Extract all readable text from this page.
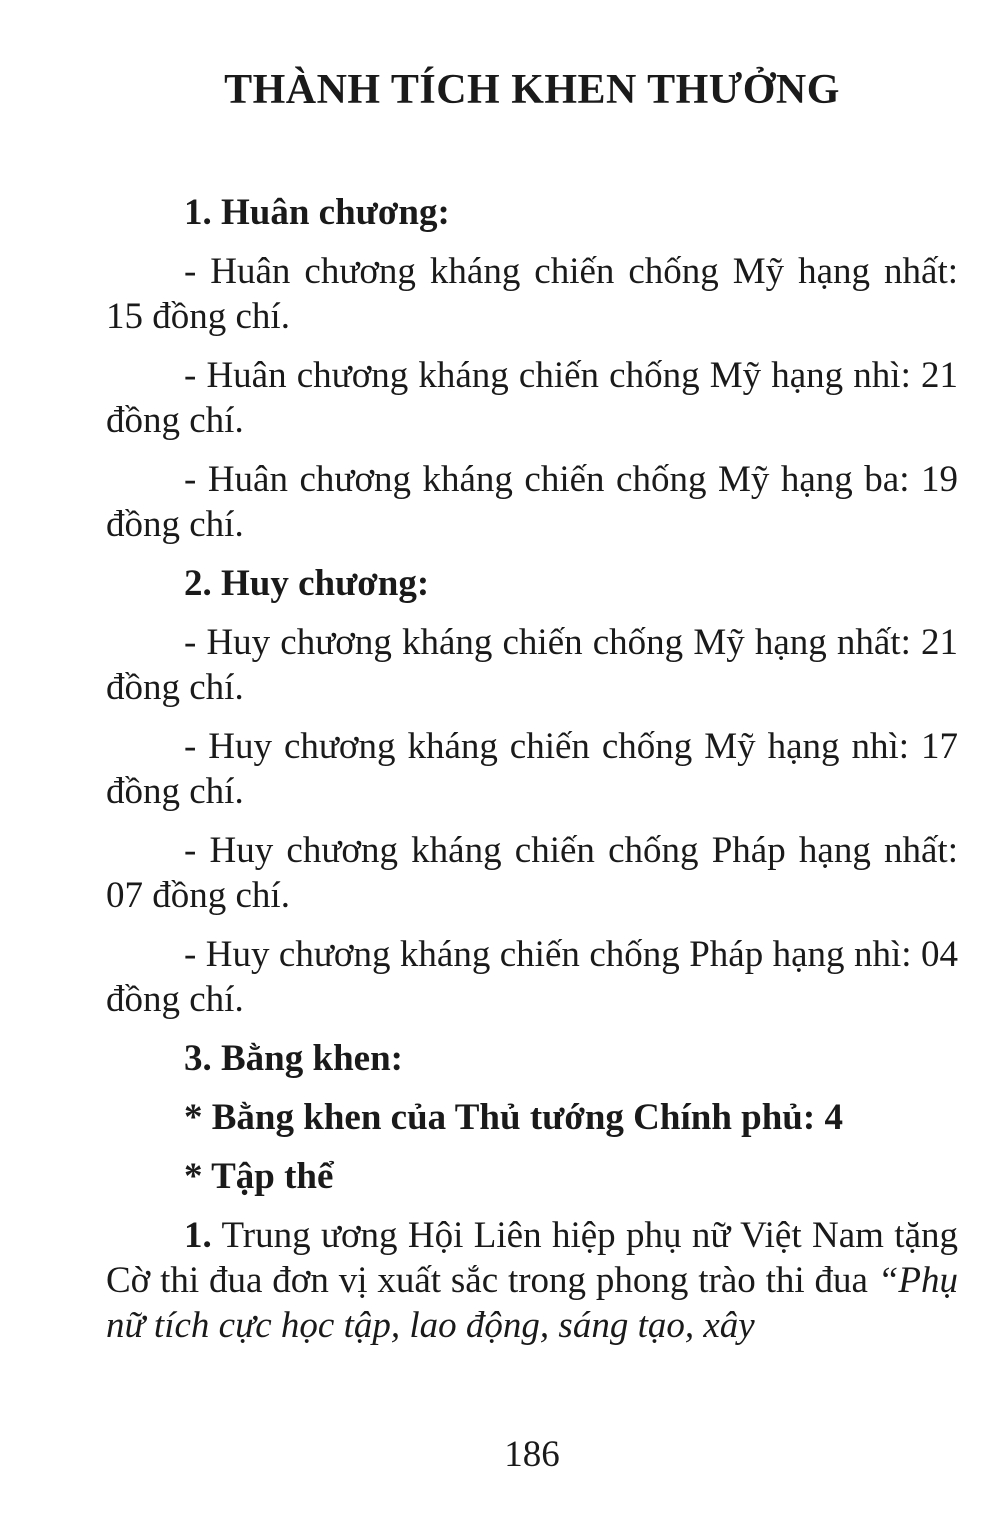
THÀNH TÍCH KHEN THƯỞNG

1. Huân chương:

- Huân chương kháng chiến chống Mỹ hạng nhất: 15 đồng chí.

- Huân chương kháng chiến chống Mỹ hạng nhì: 21 đồng chí.

- Huân chương kháng chiến chống Mỹ hạng ba: 19 đồng chí.

2. Huy chương:

- Huy chương kháng chiến chống Mỹ hạng nhất: 21 đồng chí.

- Huy chương kháng chiến chống Mỹ hạng nhì: 17 đồng chí.

- Huy chương kháng chiến chống Pháp hạng nhất: 07 đồng chí.

- Huy chương kháng chiến chống Pháp hạng nhì: 04 đồng chí.

3. Bằng khen:

* Bằng khen của Thủ tướng Chính phủ: 4

* Tập thể

1. Trung ương Hội Liên hiệp phụ nữ Việt Nam tặng Cờ thi đua đơn vị xuất sắc trong phong trào thi đua “Phụ nữ tích cực học tập, lao động, sáng tạo, xây

186
